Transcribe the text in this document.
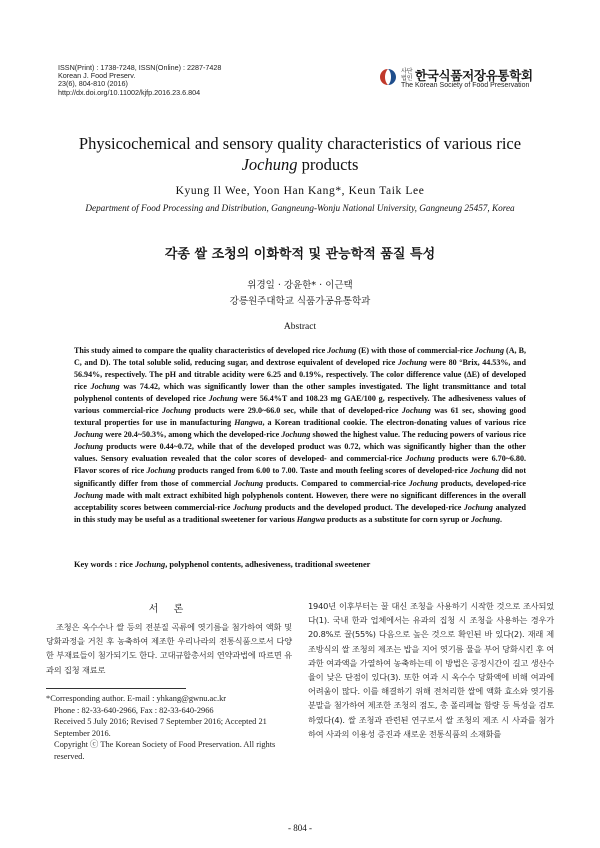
ISSN(Print) : 1738-7248, ISSN(Online) : 2287-7428
Korean J. Food Preserv.
23(6), 804-810 (2016)
http://dx.doi.org/10.11002/kjfp.2016.23.6.804
사단법인 한국식품저장유통학회
The Korean Society of Food Preservation
Physicochemical and sensory quality characteristics of various rice
Jochung products
Kyung Il Wee, Yoon Han Kang*, Keun Taik Lee
Department of Food Processing and Distribution, Gangneung-Wonju National University, Gangneung 25457, Korea
각종 쌀 조청의 이화학적 및 관능학적 품질 특성
위경일 · 강윤한* · 이근택
강릉원주대학교 식품가공유통학과
Abstract
This study aimed to compare the quality characteristics of developed rice Jochung (E) with those of commercial-rice Jochung (A, B, C, and D). The total soluble solid, reducing sugar, and dextrose equivalent of developed rice Jochung were 80 °Brix, 44.53%, and 56.94%, respectively. The pH and titrable acidity were 6.25 and 0.19%, respectively. The color difference value (ΔE) of developed rice Jochung was 74.42, which was significantly lower than the other samples investigated. The light transmittance and total polyphenol contents of developed rice Jochung were 56.4%T and 108.23 mg GAE/100 g, respectively. The adhesiveness values of various commercial-rice Jochung products were 29.0~66.0 sec, while that of developed-rice Jochung was 61 sec, showing good textural properties for use in manufacturing Hangwa, a Korean traditional cookie. The electron-donating values of various rice Jochung were 20.4~50.3%, among which the developed-rice Jochung showed the highest value. The reducing powers of various rice Jochung products were 0.44~0.72, while that of the developed product was 0.72, which was significantly higher than the other values. Sensory evaluation revealed that the color scores of developed- and commercial-rice Jochung products were 6.70~6.80. Flavor scores of rice Jochung products ranged from 6.00 to 7.00. Taste and mouth feeling scores of developed-rice Jochung did not significantly differ from those of commercial Jochung products. Compared to commercial-rice Jochung products, developed-rice Jochung made with malt extract exhibited high polyphenols content. However, there were no significant differences in the overall acceptability scores between commercial-rice Jochung products and the developed product. The developed-rice Jochung analyzed in this study may be useful as a traditional sweetener for various Hangwa products as a substitute for corn syrup or Jochung.
Key words : rice Jochung, polyphenol contents, adhesiveness, traditional sweetener
서 론
조청은 옥수수나 쌀 등의 전분질 곡류에 엿기름을 첨가하여 액화 및 당화과정을 거친 후 농축하여 제조한 우리나라의 전통식품으로서 다양한 부재료들이 첨가되기도 한다. 고대규합총서의 연약과법에 따르면 유과의 집청 재료로
*Corresponding author. E-mail : yhkang@gwnu.ac.kr
Phone : 82-33-640-2966, Fax : 82-33-640-2966
Received 5 July 2016; Revised 7 September 2016; Accepted 21 September 2016.
Copyright ⓒ The Korean Society of Food Preservation. All rights reserved.
1940년 이후부터는 꿀 대신 조청을 사용하기 시작한 것으로 조사되었다(1). 국내 한과 업체에서는 유과의 집청 시 조청을 사용하는 경우가 20.8%로 꿀(55%) 다음으로 높은 것으로 확인된 바 있다(2). 재래 제조방식의 쌀 조청의 제조는 밥을 지어 엿기름 물을 부어 당화시킨 후 여과한 여과액을 가열하여 농축하는데 이 방법은 공정시간이 길고 생산수율이 낮은 단점이 있다(3). 또한 여과 시 옥수수 당화액에 비해 여과에 어려움이 많다. 이를 해결하기 위해 전처리한 쌀에 액화 효소와 엿기름 분말을 첨가하여 제조한 조청의 점도, 총 폴리페놀 함량 등 특성을 검토하였다(4). 쌀 조청과 관련된 연구로서 쌀 조청의 제조 시 사과를 첨가하여 사과의 이용성 증진과 새로운 전통식품의 소재화를
- 804 -
